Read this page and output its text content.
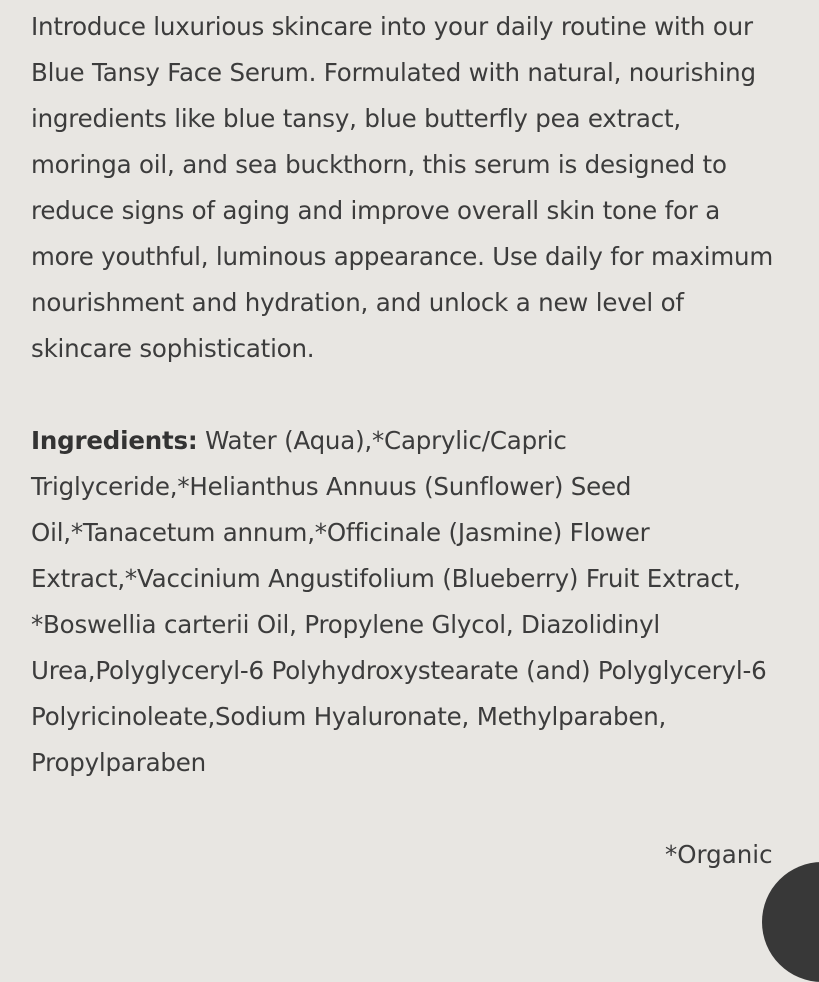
Introduce luxurious skincare into your daily routine with our
Blue Tansy Face Serum. Formulated with natural, nourishing
ingredients like blue tansy, blue butterfly pea extract,
moringa oil, and sea buckthorn, this serum is designed to
reduce signs of aging and improve overall skin tone for a
more youthful, luminous appearance. Use daily for maximum
nourishment and hydration, and unlock a new level of
skincare sophistication.

Ingredients: Water (Aqua),*Caprylic/Capric
Triglyceride,*Helianthus Annuus (Sunflower) Seed
Oil,*Tanacetum annum,*Officinale (Jasmine) Flower
Extract,*Vaccinium Angustifolium (Blueberry) Fruit Extract,
*Boswellia carterii Oil, Propylene Glycol, Diazolidinyl
Urea,Polyglyceryl-6 Polyhydroxystearate (and) Polyglyceryl-6
Polyricinoleate,Sodium Hyaluronate, Methylparaben,
Propylparaben

*Organic
